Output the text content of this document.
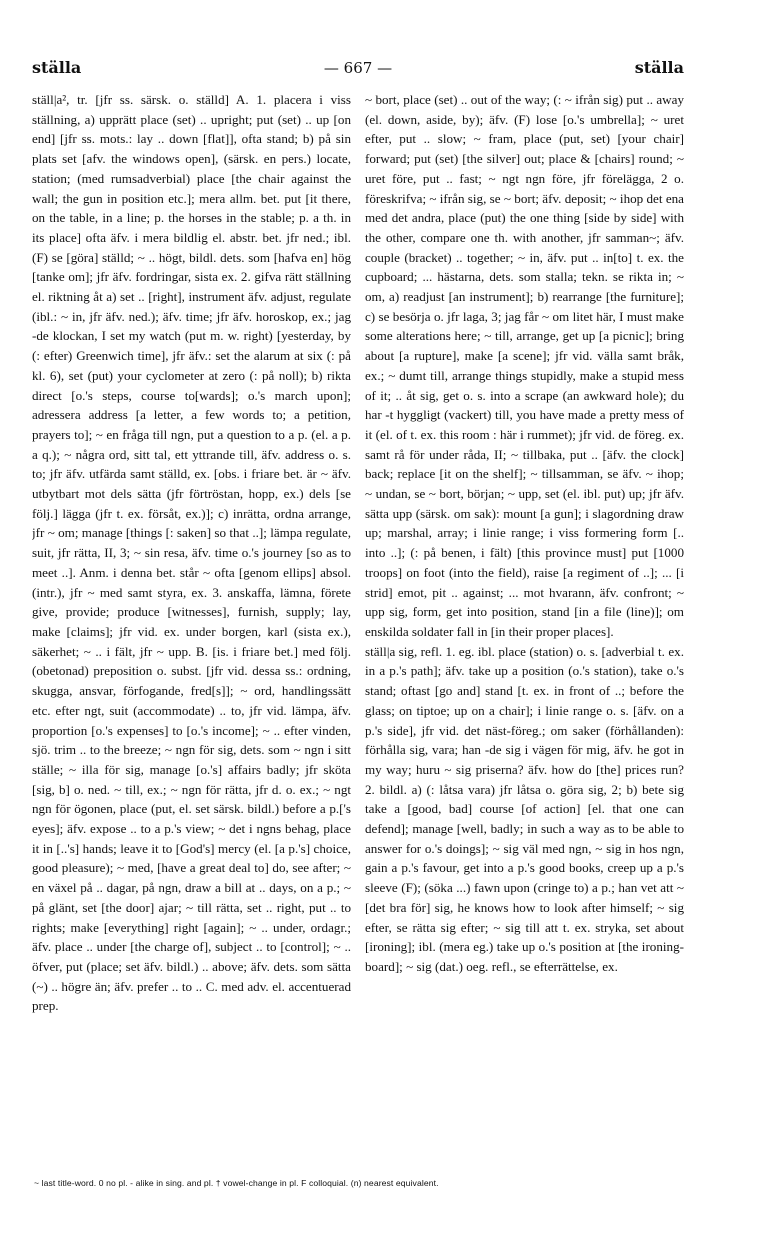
ställa	— 667 —	ställa

ställ|a², tr. [jfr ss. särsk. o. ställd] A. 1. placera i viss ställning, a) upprätt place (set) .. upright; put (set) .. up [on end] [jfr ss. mots.: lay .. down [flat]], ofta stand; b) på sin plats set [afv. the windows open], (särsk. en pers.) locate, station; (med rumsadverbial) place [the chair against the wall; the gun in position etc.]; mera allm. bet. put [it there, on the table, in a line; p. the horses in the stable; p. a th. in its place] ofta äfv. i mera bildlig el. abstr. bet. jfr ned.; ibl. (F) se [göra] ställd; ~ .. högt, bildl. dets. som [hafva en] hög [tanke om]; jfr äfv. fordringar, sista ex. 2. gifva rätt ställning el. riktning åt a) set .. [right], instrument äfv. adjust, regulate (ibl.: ~ in, jfr äfv. ned.); äfv. time; jfr äfv. horoskop, ex.; jag -de klockan, I set my watch (put m. w. right) [yesterday, by (: efter) Greenwich time], jfr äfv.: set the alarum at six (: på kl. 6), set (put) your cyclometer at zero (: på noll); b) rikta direct [o.'s steps, course to[wards]; o.'s march upon]; adressera address [a letter, a few words to; a petition, prayers to]; ~ en fråga till ngn, put a question to a p. (el. a p. a q.); ~ några ord, sitt tal, ett yttrande till, äfv. address o. s. to; jfr äfv. utfärda samt ställd, ex. [obs. i friare bet. är ~ äfv. utbytbart mot dels sätta (jfr förtröstan, hopp, ex.) dels [se följ.] lägga (jfr t. ex. försåt, ex.)]; c) inrätta, ordna arrange, jfr ~ om; manage [things [: saken] so that ..]; lämpa regulate, suit, jfr rätta, II, 3; ~ sin resa, äfv. time o.'s journey [so as to meet ..]. Anm. i denna bet. står ~ ofta [genom ellips] absol. (intr.), jfr ~ med samt styra, ex. 3. anskaffa, lämna, förete give, provide; produce [witnesses], furnish, supply; lay, make [claims]; jfr vid. ex. under borgen, karl (sista ex.), säkerhet; ~ .. i fält, jfr ~ upp. B. [is. i friare bet.] med följ. (obetonad) preposition o. subst. [jfr vid. dessa ss.: ordning, skugga, ansvar, förfogande, fred[s]]; ~ ord, handlingssätt etc. efter ngt, suit (accommodate) .. to, jfr vid. lämpa, äfv. proportion [o.'s expenses] to [o.'s income]; ~ .. efter vinden, sjö. trim .. to the breeze; ~ ngn för sig, dets. som ~ ngn i sitt ställe; ~ illa för sig, manage [o.'s] affairs badly; jfr sköta [sig, b] o. ned. ~ till, ex.; ~ ngn för rätta, jfr d. o. ex.; ~ ngt ngn för ögonen, place (put, el. set särsk. bildl.) before a p.['s eyes]; äfv. expose .. to a p.'s view; ~ det i ngns behag, place it in [..'s] hands; leave it to [God's] mercy (el. [a p.'s] choice, good pleasure); ~ med, [have a great deal to] do, see after; ~ en växel på .. dagar, på ngn, draw a bill at .. days, on a p.; ~ på glänt, set [the door] ajar; ~ till rätta, set .. right, put .. to rights; make [everything] right [again]; ~ .. under, ordagr.; äfv. place .. under [the charge of], subject .. to [control]; ~ .. öfver, put (place; set äfv. bildl.) .. above; äfv. dets. som sätta (~) .. högre än; äfv. prefer .. to .. C. med adv. el. accentuerad prep.

~ bort, place (set) .. out of the way; (: ~ ifrån sig) put .. away (el. down, aside, by); äfv. (F) lose [o.'s umbrella]; ~ uret efter, put .. slow; ~ fram, place (put, set) [your chair] forward; put (set) [the silver] out; place & [chairs] round; ~ uret före, put .. fast; ~ ngt ngn före, jfr förelägga, 2 o. föreskrifva; ~ ifrån sig, se ~ bort; äfv. deposit; ~ ihop det ena med det andra, place (put) the one thing [side by side] with the other, compare one th. with another, jfr samman~; äfv. couple (bracket) .. together; ~ in, äfv. put .. in[to] t. ex. the cupboard; ... hästarna, dets. som stalla; tekn. se rikta in; ~ om, a) readjust [an instrument]; b) rearrange [the furniture]; c) se besörja o. jfr laga, 3; jag får ~ om litet här, I must make some alterations here; ~ till, arrange, get up [a picnic]; bring about [a rupture], make [a scene]; jfr vid. välla samt bråk, ex.; ~ dumt till, arrange things stupidly, make a stupid mess of it; .. åt sig, get o. s. into a scrape (an awkward hole); du har -t hyggligt (vackert) till, you have made a pretty mess of it (el. of t. ex. this room : här i rummet); jfr vid. de föreg. ex. samt rå för under råda, II; ~ tillbaka, put .. [äfv. the clock] back; replace [it on the shelf]; ~ tillsamman, se äfv. ~ ihop; ~ undan, se ~ bort, början; ~ upp, set (el. ibl. put) up; jfr äfv. sätta upp (särsk. om sak): mount [a gun]; i slagordning draw up; marshal, array; i linie range; i viss formering form [.. into ..]; (: på benen, i fält) [this province must] put [1000 troops] on foot (into the field), raise [a regiment of ..]; ... [i strid] emot, pit .. against; ... mot hvarann, äfv. confront; ~ upp sig, form, get into position, stand [in a file (line)]; om enskilda soldater fall in [in their proper places].

ställ|a sig, refl. 1. eg. ibl. place (station) o. s. [adverbial t. ex. in a p.'s path]; äfv. take up a position (o.'s station), take o.'s stand; oftast [go and] stand [t. ex. in front of ..; before the glass; on tiptoe; up on a chair]; i linie range o. s. [äfv. on a p.'s side], jfr vid. det näst-föreg.; om saker (förhållanden): förhålla sig, vara; han -de sig i vägen för mig, äfv. he got in my way; huru ~ sig priserna? äfv. how do [the] prices run? 2. bildl. a) (: låtsa vara) jfr låtsa o. göra sig, 2; b) bete sig take a [good, bad] course [of action] [el. that one can defend]; manage [well, badly; in such a way as to be able to answer for o.'s doings]; ~ sig väl med ngn, ~ sig in hos ngn, gain a p.'s favour, get into a p.'s good books, creep up a p.'s sleeve (F); (söka ...) fawn upon (cringe to) a p.; han vet att ~ [det bra för] sig, he knows how to look after himself; ~ sig efter, se rätta sig efter; ~ sig till att t. ex. stryka, set about [ironing]; ibl. (mera eg.) take up o.'s position at [the ironing-board]; ~ sig (dat.) oeg. refl., se efterrättelse, ex.

~ last title-word. 0 no pl. - alike in sing. and pl. † vowel-change in pl. F colloquial. (n) nearest equivalent.
